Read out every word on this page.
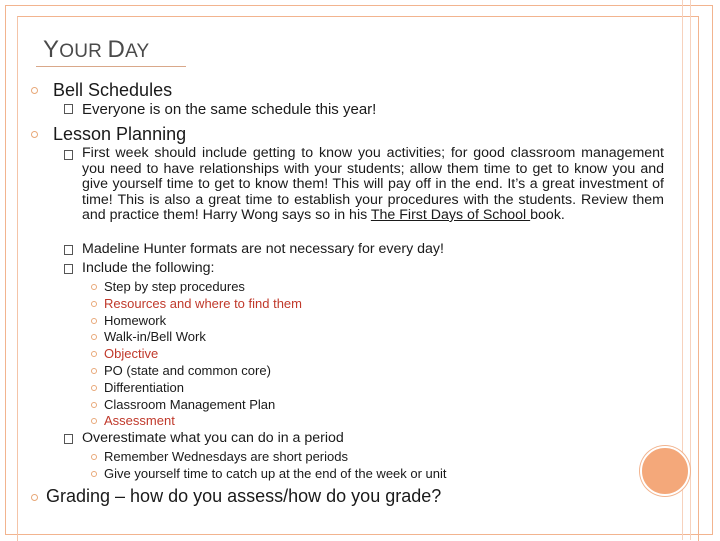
YOUR DAY
Bell Schedules
Everyone is on the same schedule this year!
Lesson Planning
First week should include getting to know you activities; for good classroom management you need to have relationships with your students; allow them time to get to know you and give yourself time to get to know them! This will pay off in the end. It’s a great investment of time! This is also a great time to establish your procedures with the students. Review them and practice them! Harry Wong says so in his The First Days of School book.
Madeline Hunter formats are not necessary for every day!
Include the following:
Step by step procedures
Resources and where to find them
Homework
Walk-in/Bell Work
Objective
PO (state and common core)
Differentiation
Classroom Management Plan
Assessment
Overestimate what you can do in a period
Remember Wednesdays are short periods
Give yourself time to catch up at the end of the week or unit
Grading – how do you assess/how do you grade?
